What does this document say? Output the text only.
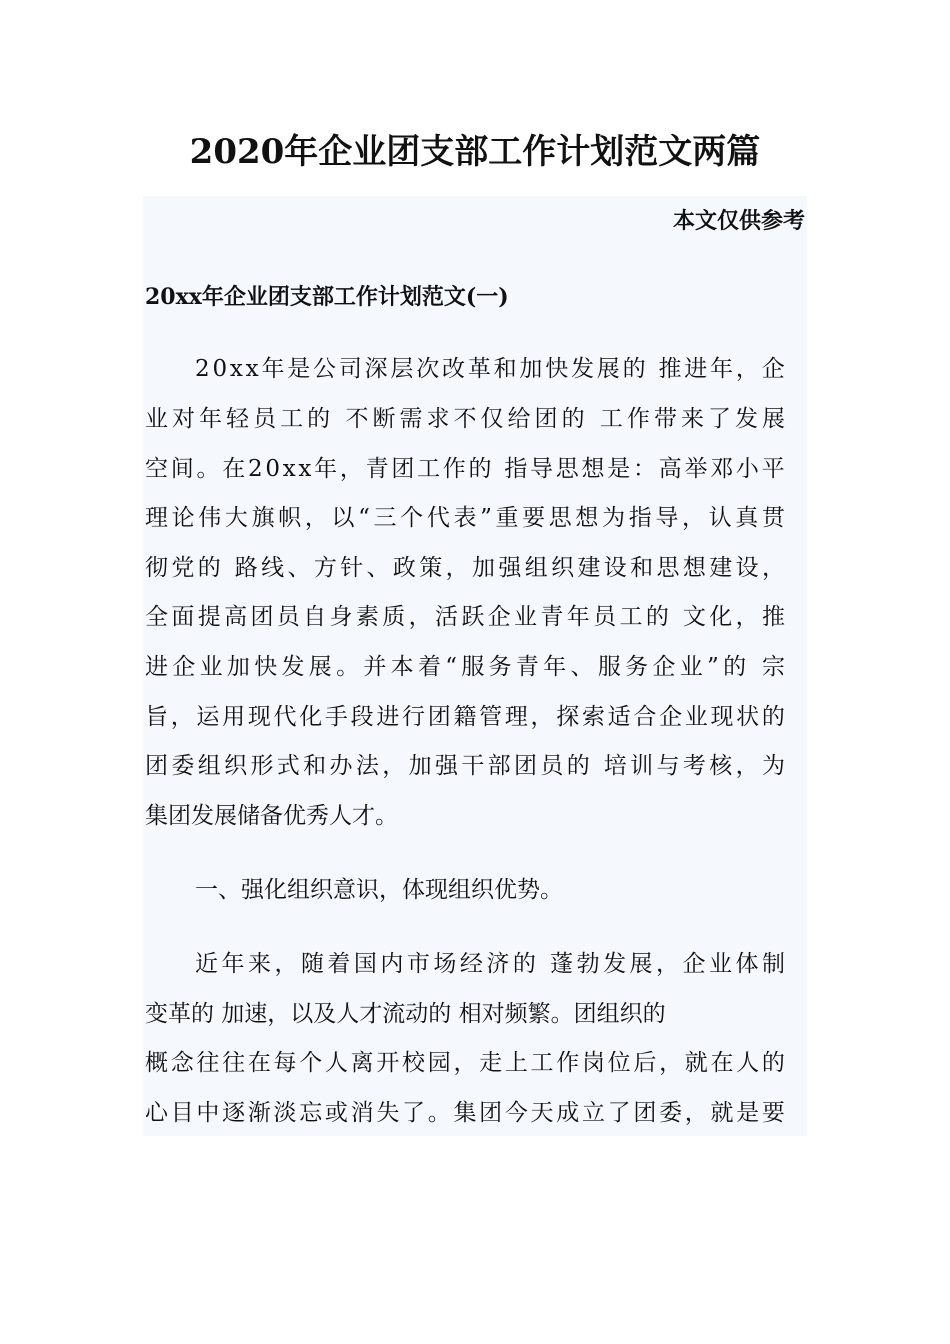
2020年企业团支部工作计划范文两篇
本文仅供参考
20xx年企业团支部工作计划范文(一)
2 0 x x 年 是 公 司 深 层 次 改 革 和 加 快 发 展 的
推 进 年 ， 企
业 对 年 轻 员 工 的
不 断 需 求 不 仅 给 团 的
工 作 带 来 了 发 展
空 间 。 在 2 0 x x 年 ， 青 团 工 作 的
指 导 思 想 是 ： 高 举 邓 小 平
理 论 伟 大 旗 帜 ， 以 “ 三 个 代 表 ” 重 要 思 想 为 指 导 ， 认 真 贯
彻 党 的
路 线 、 方 针 、 政 策 ， 加 强 组 织 建 设 和 思 想 建 设 ，
全 面 提 高 团 员 自 身 素 质 ， 活 跃 企 业 青 年 员 工 的
文 化 ， 推
进 企 业 加 快 发 展 。 并 本 着 “ 服 务 青 年 、 服 务 企 业 ” 的
宗
旨 ， 运 用 现 代 化 手 段 进 行 团 籍 管 理 ， 探 索 适 合 企 业 现 状 的
团 委 组 织 形 式 和 办 法 ， 加 强 干 部 团 员 的
培 训 与 考 核 ， 为
集团发展储备优秀人才。
一、强化组织意识，体现组织优势。
近 年 来 ， 随 着 国 内 市 场 经 济 的
蓬 勃 发 展 ， 企 业 体 制
变革的 加速，以及人才流动的 相对频繁。团组织的
概 念 往 往 在 每 个 人 离 开 校 园 ， 走 上 工 作 岗 位 后 ， 就 在 人 的
心 目 中 逐 渐 淡 忘 或 消 失 了 。 集 团 今 天 成 立 了 团 委 ， 就 是 要
